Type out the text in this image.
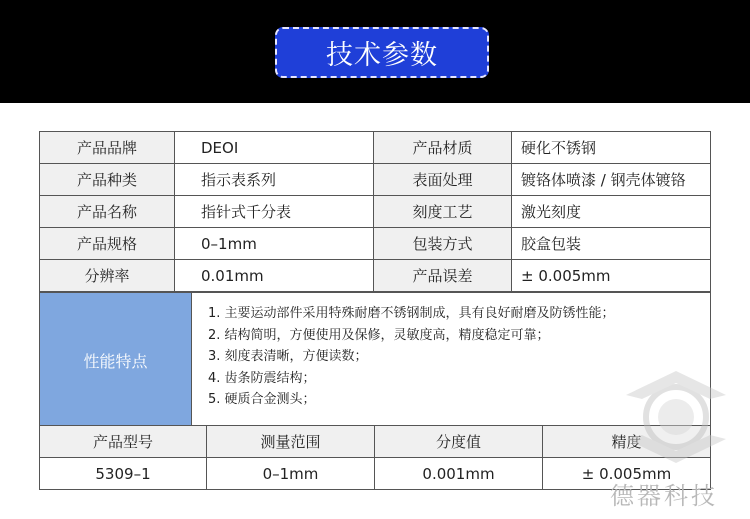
技术参数
产品品牌	DEOI	产品材质	硬化不锈钢
产品种类	指示表系列	表面处理	镀铬体喷漆 / 钢壳体镀铬
产品名称	指针式千分表	刻度工艺	激光刻度
产品规格	0–1mm	包装方式	胶盒包装
分辨率	0.01mm	产品误差	± 0.005mm
性能特点	
1. 主要运动部件采用特殊耐磨不锈钢制成，具有良好耐磨及防锈性能；
2. 结构简明，方便使用及保修，灵敏度高，精度稳定可靠；
3. 刻度表清晰，方便读数；
4. 齿条防震结构；
5. 硬质合金测头；
产品型号	测量范围	分度值	精度
5309–1	0–1mm	0.001mm	± 0.005mm
德器科技
